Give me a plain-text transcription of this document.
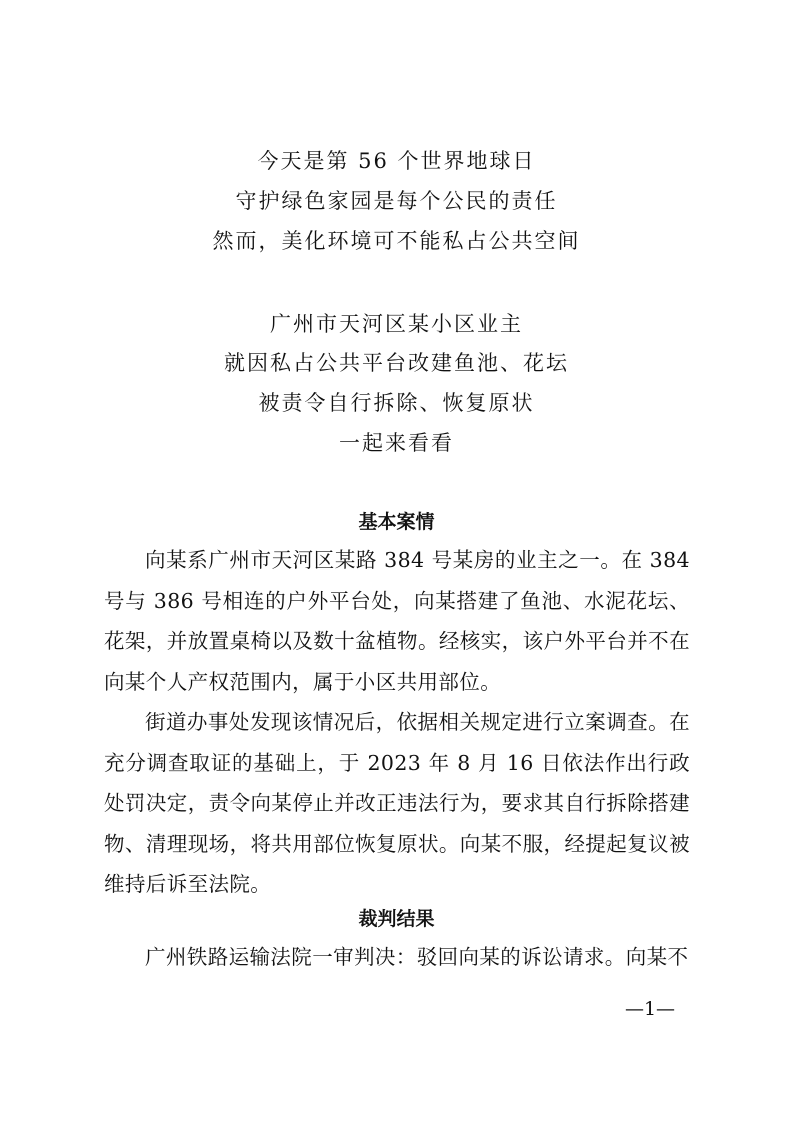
今天是第 56 个世界地球日
守护绿色家园是每个公民的责任
然而，美化环境可不能私占公共空间
广州市天河区某小区业主
就因私占公共平台改建鱼池、花坛
被责令自行拆除、恢复原状
一起来看看
基本案情

向某系广州市天河区某路 384 号某房的业主之一。在 384 号与 386 号相连的户外平台处，向某搭建了鱼池、水泥花坛、花架，并放置桌椅以及数十盆植物。经核实，该户外平台并不在向某个人产权范围内，属于小区共用部位。

街道办事处发现该情况后，依据相关规定进行立案调查。在充分调查取证的基础上，于 2023 年 8 月 16 日依法作出行政处罚决定，责令向某停止并改正违法行为，要求其自行拆除搭建物、清理现场，将共用部位恢复原状。向某不服，经提起复议被维持后诉至法院。

裁判结果

广州铁路运输法院一审判决：驳回向某的诉讼请求。向某不

—1—
